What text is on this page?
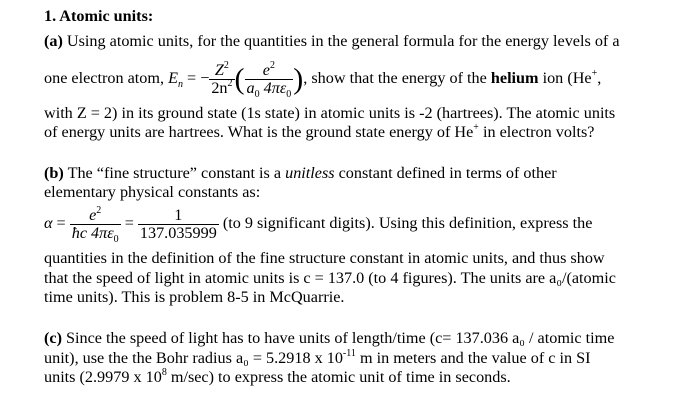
1. Atomic units:
(a) Using atomic units, for the quantities in the general formula for the energy levels of a
one electron atom, $E_n$ = − $\frac{Z^2}{2n^2}$ ( $\frac{e^2}{a_0 4\pi\varepsilon_0}$ ), show that the energy of the helium ion (He+,
with Z = 2) in its ground state (1s state) in atomic units is -2 (hartrees). The atomic units
of energy units are hartrees. What is the ground state energy of He+ in electron volts?
(b) The “fine structure” constant is a unitless constant defined in terms of other
elementary physical constants as:
$\alpha = \frac{e^2}{ħc 4\pi\varepsilon_0} = \frac{1}{137.035999} (to$ 9 significant digits). Using this definition, express the
quantities in the definition of the fine structure constant in atomic units, and thus show
that the speed of light in atomic units is c = 137.0 (to 4 figures). The units are a₀/(atomic
time units). This is problem 8-5 in McQuarrie.
(c) Since the speed of light has to have units of length/time (c= 137.036 a₀ / atomic time
unit), use the the Bohr radius a₀ = 5.2918 x $10^{-11}$ m in meters and the value of c in SI
units (2.9979 x $10^8$ m/sec) to express the atomic unit of time in seconds.
